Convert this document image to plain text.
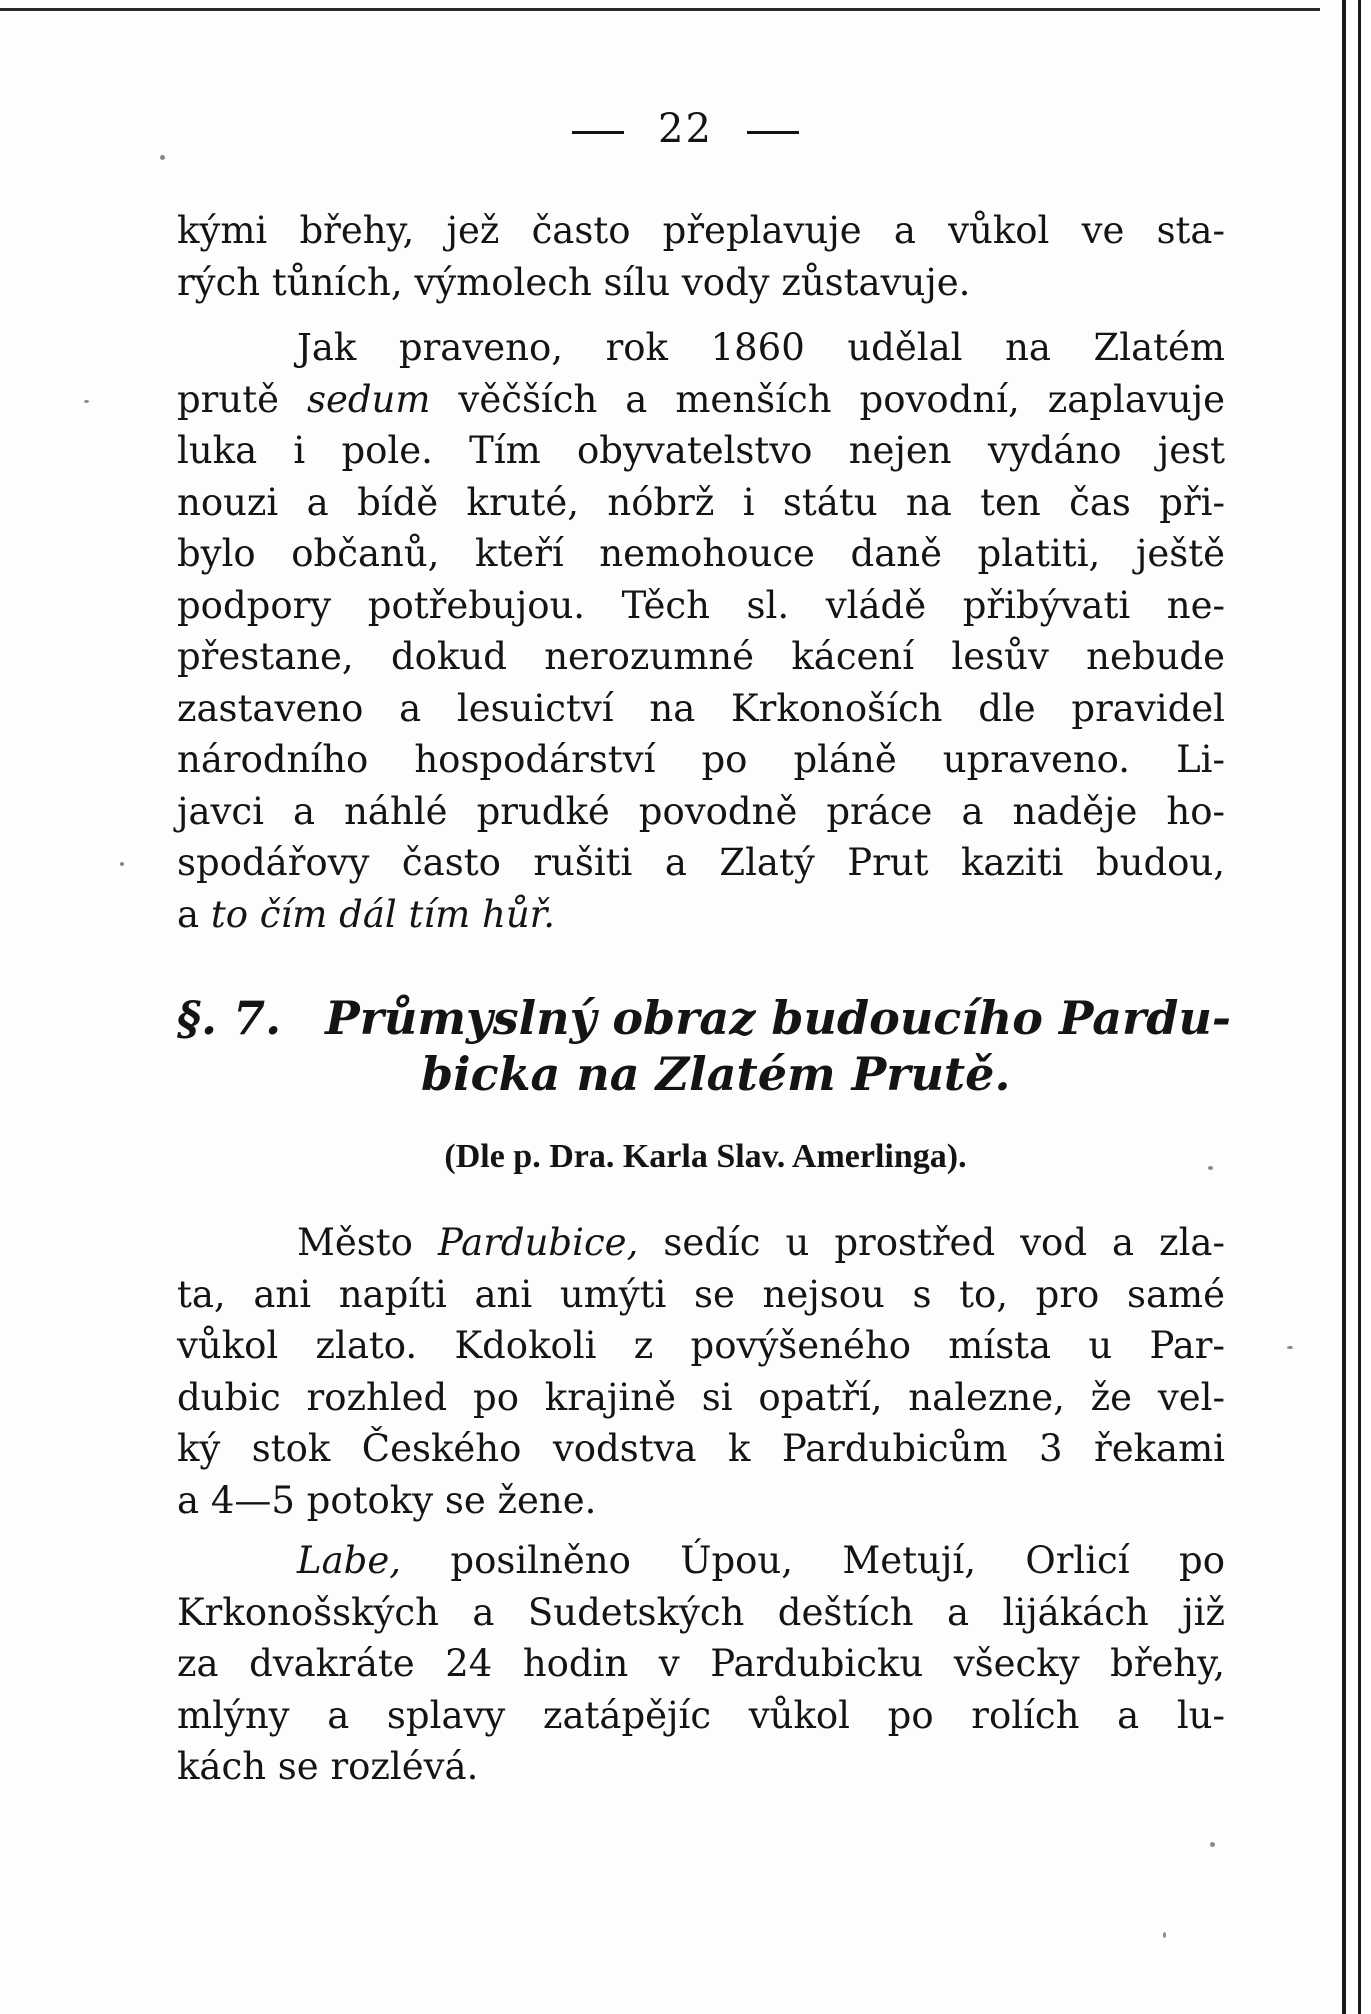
22
kými břehy, jež často přeplavuje a vůkol ve sta-
rých tůních, výmolech sílu vody zůstavuje.
Jak praveno, rok 1860 udělal na Zlatém
prutě sedum věčších a menších povodní, zaplavuje
luka i pole. Tím obyvatelstvo nejen vydáno jest
nouzi a bídě kruté, nóbrž i státu na ten čas při-
bylo občanů, kteří nemohouce daně platiti, ještě
podpory potřebujou. Těch sl. vládě přibývati ne-
přestane, dokud nerozumné kácení lesův nebude
zastaveno a lesuictví na Krkonoších dle pravidel
národního hospodárství po pláně upraveno. Li-
javci a náhlé prudké povodně práce a naděje ho-
spodářovy často rušiti a Zlatý Prut kaziti budou,
a to čím dál tím hůř.
§. 7. Průmyslný obraz budoucího Pardu-
bicka na Zlatém Prutě.
(Dle p. Dra. Karla Slav. Amerlinga).
Město Pardubice, sedíc u prostřed vod a zla-
ta, ani napíti ani umýti se nejsou s to, pro samé
vůkol zlato. Kdokoli z povýšeného místa u Par-
dubic rozhled po krajině si opatří, nalezne, že vel-
ký stok Českého vodstva k Pardubicům 3 řekami
a 4—5 potoky se žene.
Labe, posilněno Úpou, Metují, Orlicí po
Krkonošských a Sudetských deštích a lijákách již
za dvakráte 24 hodin v Pardubicku všecky břehy,
mlýny a splavy zatápějíc vůkol po rolích a lu-
kách se rozlévá.
